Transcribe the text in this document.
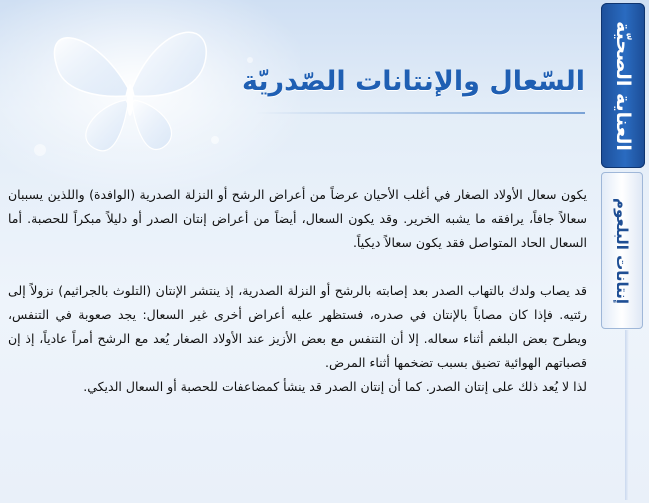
العناية الصحيّة
إنتانات البلعوم
السّعال والإنتانات الصّدريّة

يكون سعال الأولاد الصغار في أغلب الأحيان عرضاً من أعراض الرشح أو النزلة الصدرية (الوافدة) واللذين يسببان سعالاً جافاً، يرافقه ما يشبه الخرير. وقد يكون السعال، أيضاً من أعراض إنتان الصدر أو دليلاً مبكراً للحصبة. أما السعال الحاد المتواصل فقد يكون سعالاً ديكياً.

قد يصاب ولدك بالتهاب الصدر بعد إصابته بالرشح أو النزلة الصدرية، إذ ينتشر الإنتان (التلوث بالجراثيم) نزولاً إلى رئتيه. فإذا كان مصاباً بالإنتان في صدره، فستظهر عليه أعراض أخرى غير السعال: يجد صعوبة في التنفس، ويطرح بعض البلغم أثناء سعاله. إلا أن التنفس مع بعض الأزيز عند الأولاد الصغار يُعد مع الرشح أمراً عادياً، إذ إن قصباتهم الهوائية تضيق بسبب تضخمها أثناء المرض.

لذا لا يُعد ذلك على إنتان الصدر. كما أن إنتان الصدر قد ينشأ كمضاعفات للحصبة أو السعال الديكي.
